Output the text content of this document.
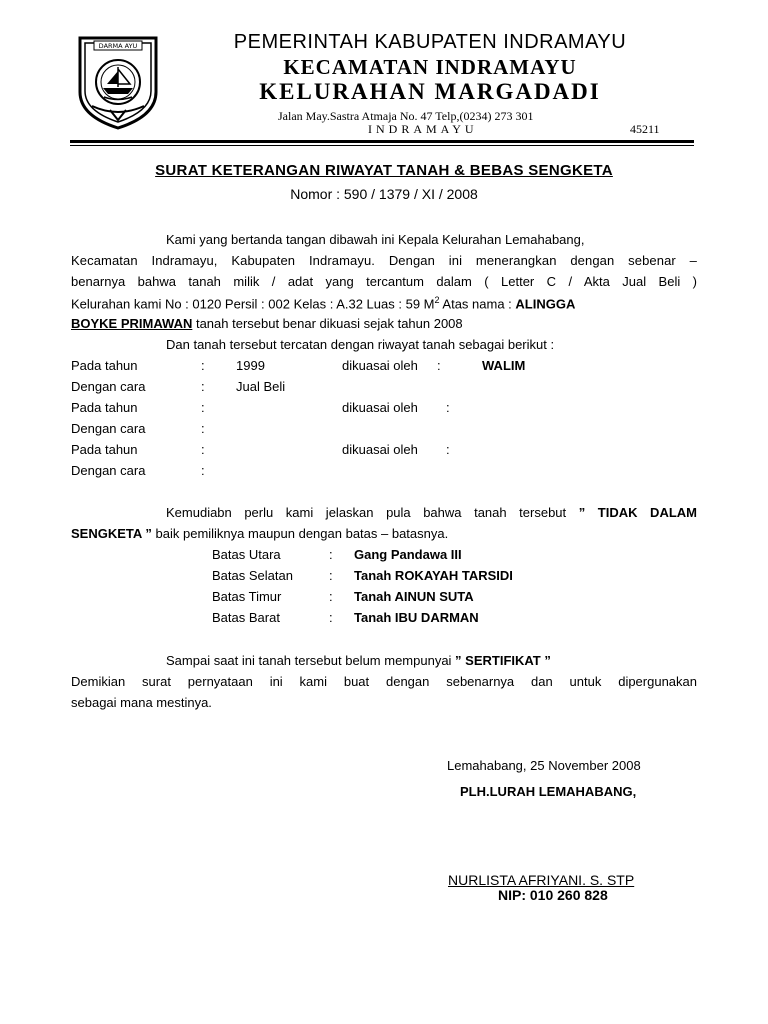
DARMA AYU	PEMERINTAH KABUPATEN INDRAMAYU
KECAMATAN INDRAMAYU
KELURAHAN MARGADADI
Jalan May.Sastra Atmaja No. 47 Telp,(0234) 273 301
INDRAMAYU	45211
SURAT KETERANGAN RIWAYAT TANAH & BEBAS SENGKETA
Nomor : 590 / 1379 / XI / 2008
Kami yang bertanda tangan dibawah ini Kepala Kelurahan Lemahabang,
Kecamatan Indramayu, Kabupaten Indramayu. Dengan ini menerangkan dengan sebenar –
benarnya bahwa tanah milik / adat yang tercantum dalam ( Letter C / Akta Jual Beli )
Kelurahan kami No : 0120 Persil : 002 Kelas : A.32 Luas : 59 $M^2$ Atas nama : ALINGGA
BOYKE PRIMAWAN tanah tersebut benar dikuasi sejak tahun 2008
Dan tanah tersebut tercatan dengan riwayat tanah sebagai berikut :
Pada tahun	: 1999	dikuasai oleh :	WALIM
Dengan cara	: Jual Beli
Pada tahun	:	dikuasai oleh :
Dengan cara	:
Pada tahun	:	dikuasai oleh :
Dengan cara	:
Kemudiabn perlu kami jelaskan pula bahwa tanah tersebut ” TIDAK DALAM
SENGKETA ” baik pemiliknya maupun dengan batas – batasnya.
Batas Utara	: Gang Pandawa III
Batas Selatan	: Tanah ROKAYAH TARSIDI
Batas Timur	: Tanah AINUN SUTA
Batas Barat	: Tanah IBU DARMAN
Sampai saat ini tanah tersebut belum mempunyai ” SERTIFIKAT ”
Demikian surat pernyataan ini kami buat dengan sebenarnya dan untuk dipergunakan
sebagai mana mestinya.
Lemahabang, 25 November 2008
PLH.LURAH LEMAHABANG,
NURLISTA AFRIYANI. S. STP
NIP: 010 260 828
